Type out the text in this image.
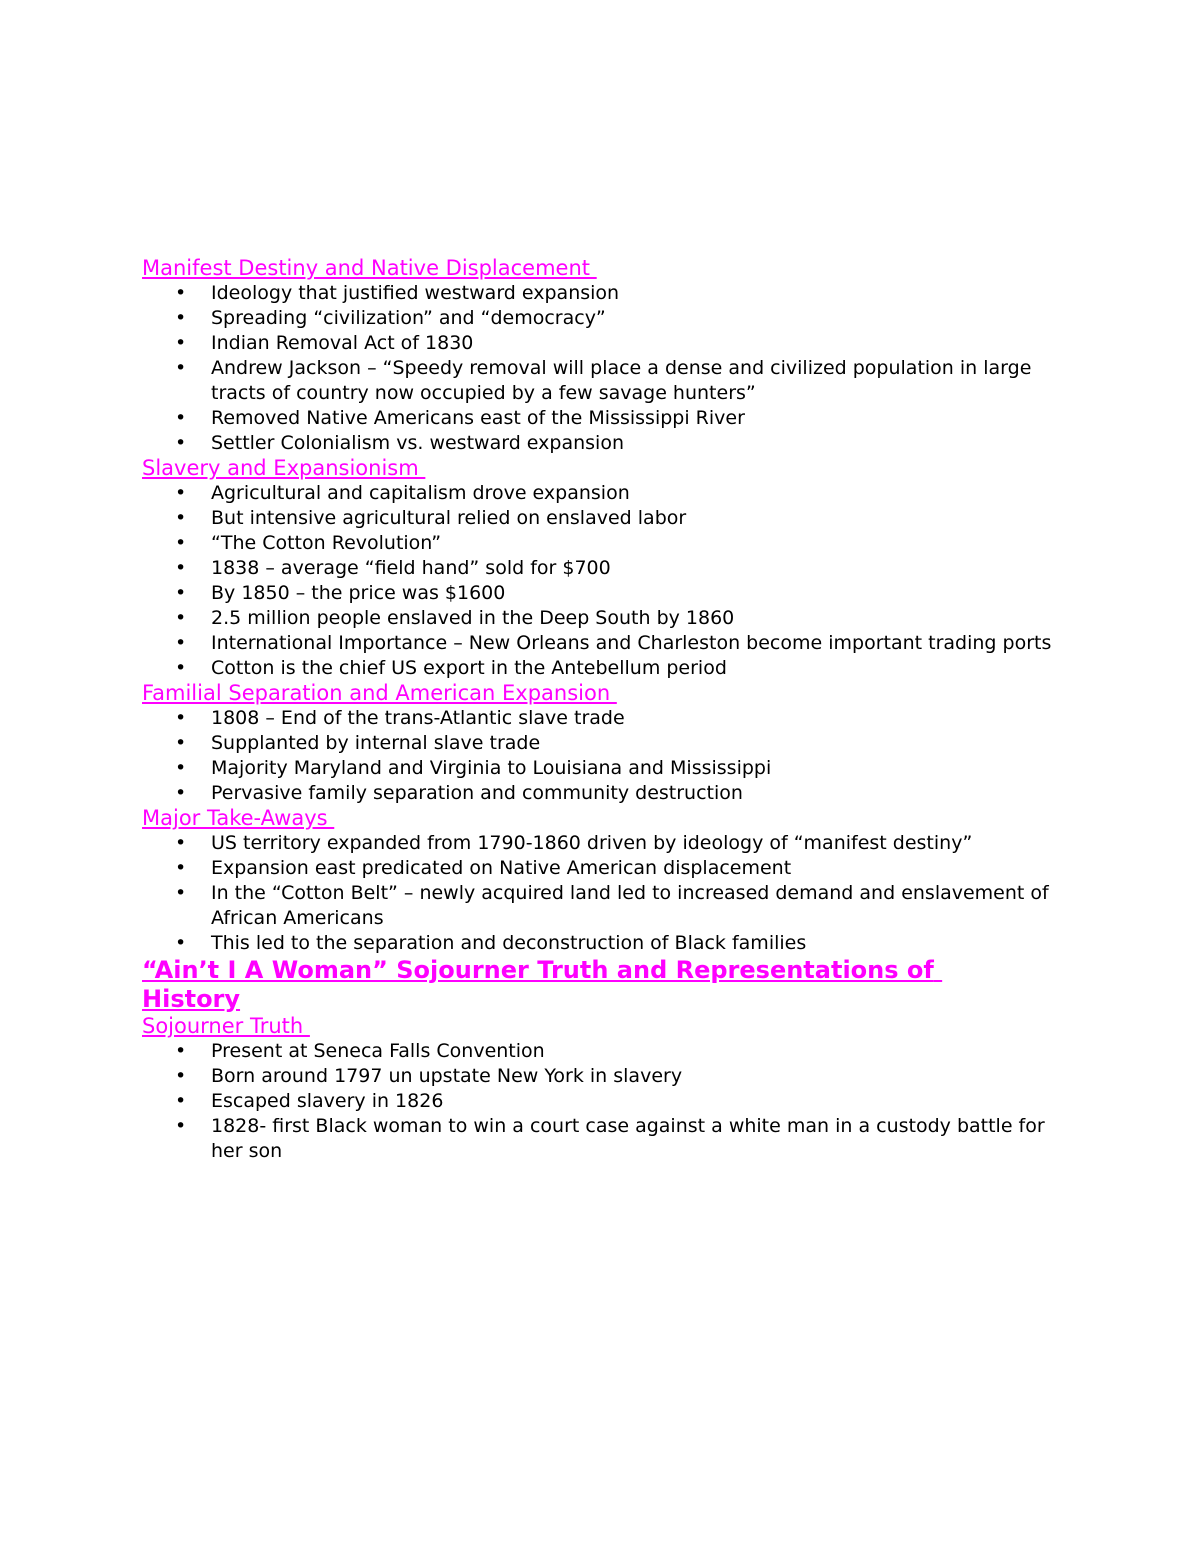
Manifest Destiny and Native Displacement
• Ideology that justified westward expansion
• Spreading “civilization” and “democracy”
• Indian Removal Act of 1830
• Andrew Jackson – “Speedy removal will place a dense and civilized population in large tracts of country now occupied by a few savage hunters”
• Removed Native Americans east of the Mississippi River
• Settler Colonialism vs. westward expansion
Slavery and Expansionism
• Agricultural and capitalism drove expansion
• But intensive agricultural relied on enslaved labor
• “The Cotton Revolution”
• 1838 – average “field hand” sold for $700
• By 1850 – the price was $1600
• 2.5 million people enslaved in the Deep South by 1860
• International Importance – New Orleans and Charleston become important trading ports
• Cotton is the chief US export in the Antebellum period
Familial Separation and American Expansion
• 1808 – End of the trans-Atlantic slave trade
• Supplanted by internal slave trade
• Majority Maryland and Virginia to Louisiana and Mississippi
• Pervasive family separation and community destruction
Major Take-Aways
• US territory expanded from 1790-1860 driven by ideology of “manifest destiny”
• Expansion east predicated on Native American displacement
• In the “Cotton Belt” – newly acquired land led to increased demand and enslavement of African Americans
• This led to the separation and deconstruction of Black families
“Ain’t I A Woman” Sojourner Truth and Representations of History
Sojourner Truth
• Present at Seneca Falls Convention
• Born around 1797 un upstate New York in slavery
• Escaped slavery in 1826
• 1828- first Black woman to win a court case against a white man in a custody battle for her son
